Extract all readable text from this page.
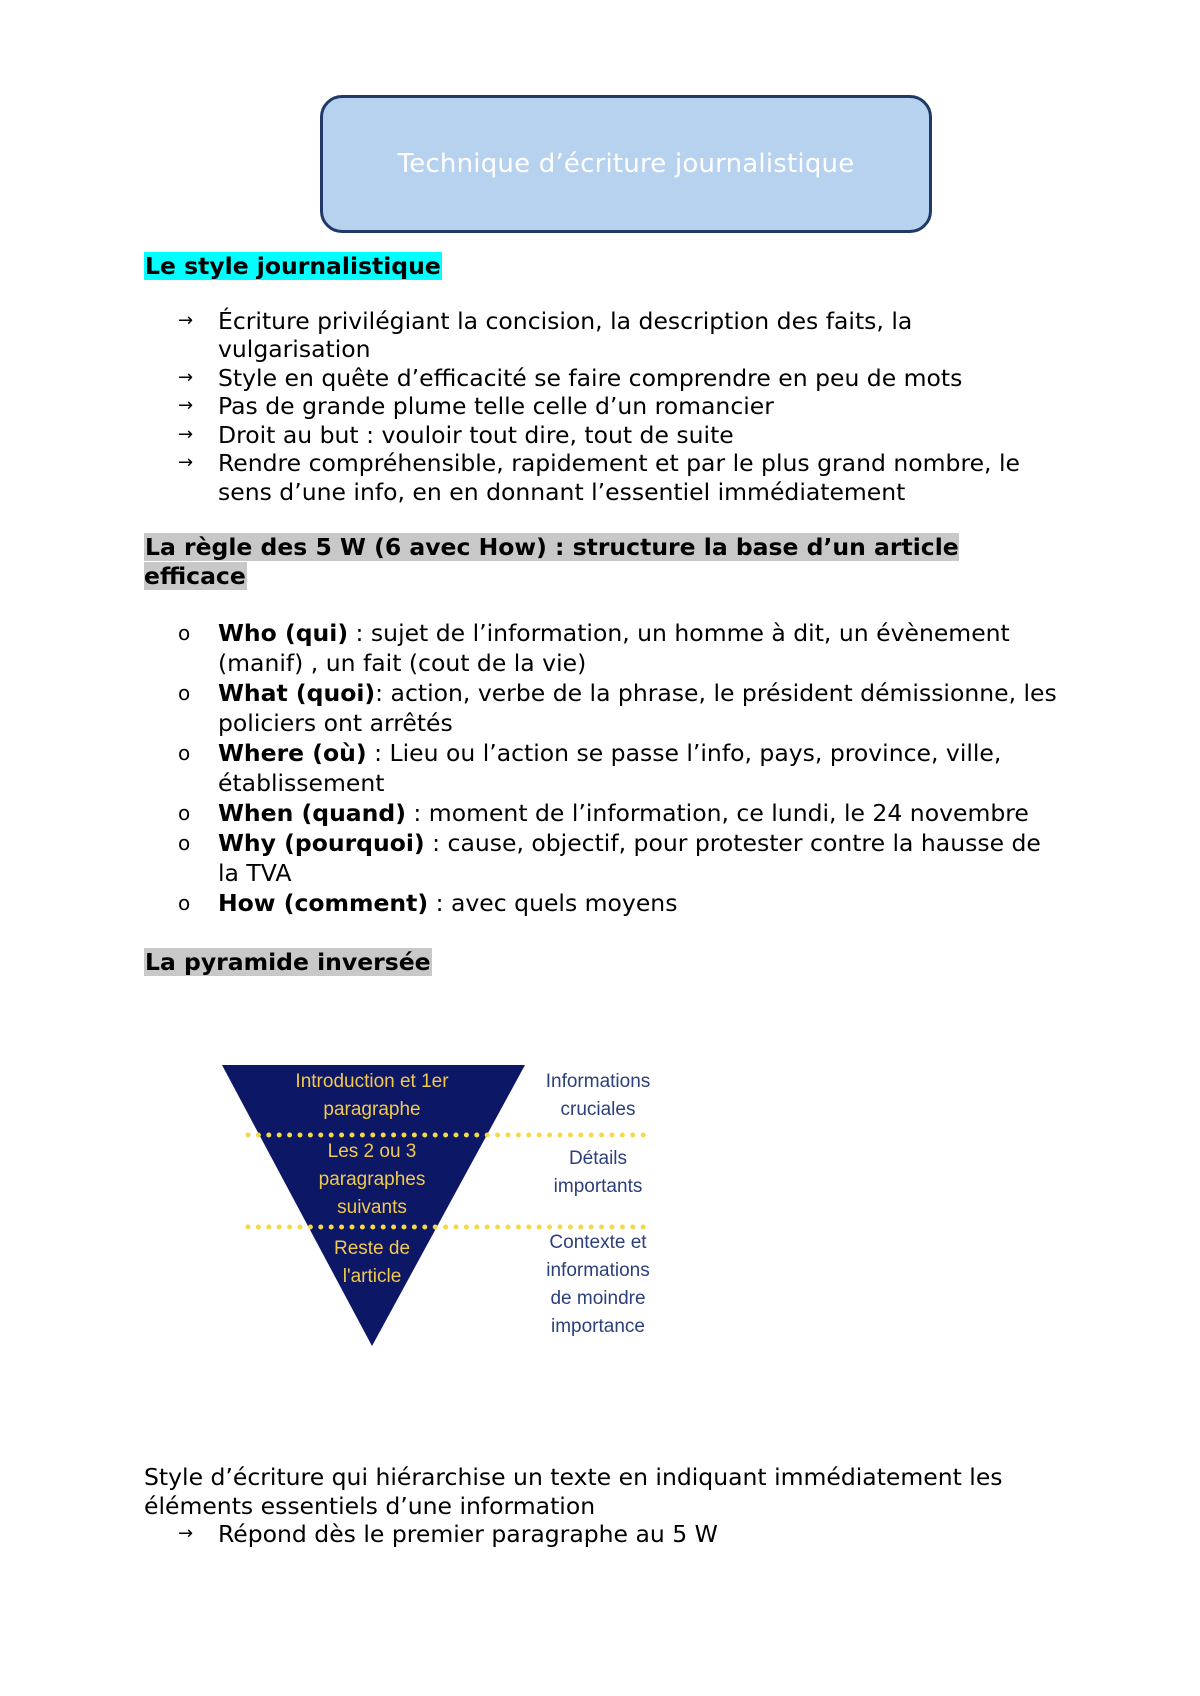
Technique d’écriture journalistique

Le style journalistique

→ Écriture privilégiant la concision, la description des faits, la vulgarisation
→ Style en quête d’efficacité se faire comprendre en peu de mots
→ Pas de grande plume telle celle d’un romancier
→ Droit au but : vouloir tout dire, tout de suite
→ Rendre compréhensible, rapidement et par le plus grand nombre, le sens d’une info, en en donnant l’essentiel immédiatement

La règle des 5 W (6 avec How) : structure la base d’un article efficace

o Who (qui) : sujet de l’information, un homme à dit, un évènement (manif) , un fait (cout de la vie)
o What (quoi): action, verbe de la phrase, le président démissionne, les policiers ont arrêtés
o Where (où) : Lieu ou l’action se passe l’info, pays, province, ville, établissement
o When (quand) : moment de l’information, ce lundi, le 24 novembre
o Why (pourquoi) : cause, objectif, pour protester contre la hausse de la TVA
o How (comment) : avec quels moyens

La pyramide inversée

Introduction et 1er
paragraphe
Les 2 ou 3
paragraphes
suivants
Reste de
l'article
Informations
cruciales
Détails
importants
Contexte et
informations
de moindre
importance
Style d’écriture qui hiérarchise un texte en indiquant immédiatement les éléments essentiels d’une information
→ Répond dès le premier paragraphe au 5 W
